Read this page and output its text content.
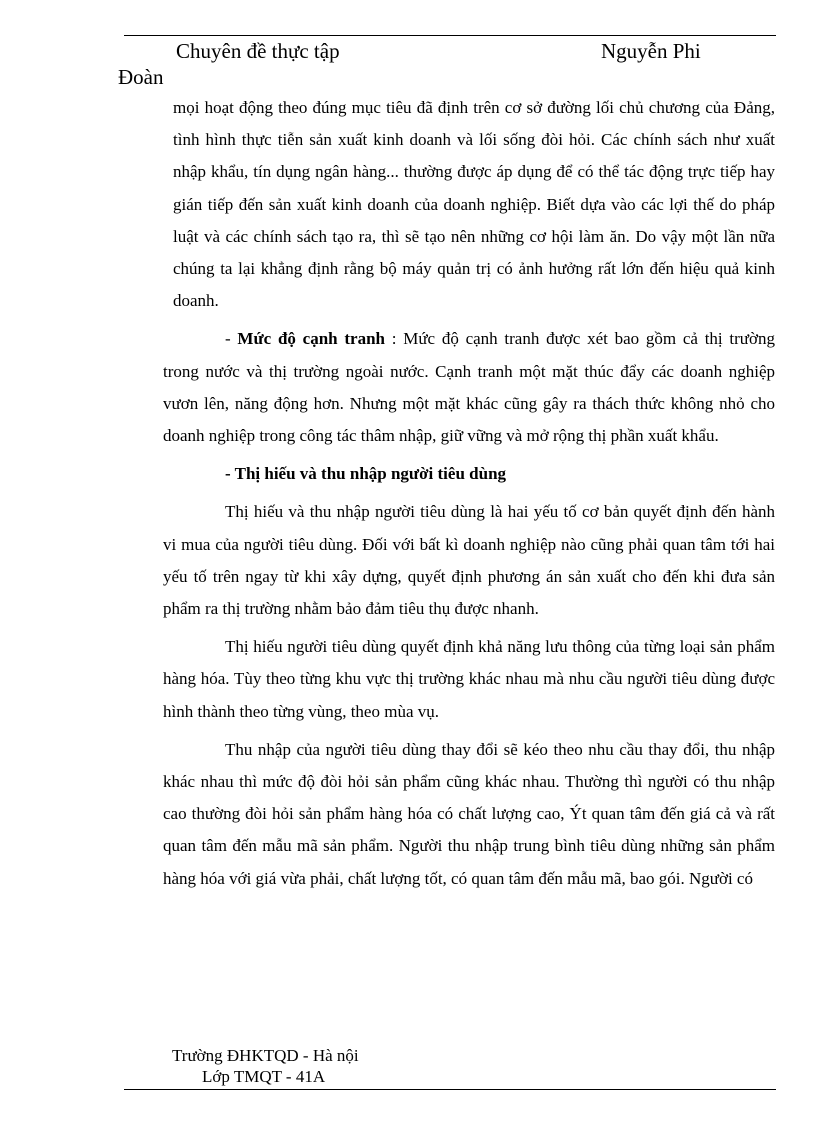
Chuyên đề thực tập	Nguyễn Phi
Đoàn

mọi hoạt động theo đúng mục tiêu đã định trên cơ sở đường lối chủ chương của Đảng, tình hình thực tiễn sản xuất kinh doanh và lối sống đòi hỏi. Các chính sách như xuất nhập khẩu, tín dụng ngân hàng... thường được áp dụng để có thể tác động trực tiếp hay gián tiếp đến sản xuất kinh doanh của doanh nghiệp. Biết dựa vào các lợi thế do pháp luật và các chính sách tạo ra, thì sẽ tạo nên những cơ hội làm ăn. Do vậy một lần nữa chúng ta lại khẳng định rằng bộ máy quản trị có ảnh hưởng rất lớn đến hiệu quả kinh doanh.

- Mức độ cạnh tranh : Mức độ cạnh tranh được xét bao gồm cả thị trường trong nước và thị trường ngoài nước. Cạnh tranh một mặt thúc đẩy các doanh nghiệp vươn lên, năng động hơn. Nhưng một mặt khác cũng gây ra thách thức không nhỏ cho doanh nghiệp trong công tác thâm nhập, giữ vững và mở rộng thị phần xuất khẩu.

- Thị hiếu và thu nhập người tiêu dùng

Thị hiếu và thu nhập người tiêu dùng là hai yếu tố cơ bản quyết định đến hành vi mua của người tiêu dùng. Đối với bất kì doanh nghiệp nào cũng phải quan tâm tới hai yếu tố trên ngay từ khi xây dựng, quyết định phương án sản xuất cho đến khi đưa sản phẩm ra thị trường nhằm bảo đảm tiêu thụ được nhanh.

Thị hiếu người tiêu dùng quyết định khả năng lưu thông của từng loại sản phẩm hàng hóa. Tùy theo từng khu vực thị trường khác nhau mà nhu cầu người tiêu dùng được hình thành theo từng vùng, theo mùa vụ.

Thu nhập của người tiêu dùng thay đổi sẽ kéo theo nhu cầu thay đổi, thu nhập khác nhau thì mức độ đòi hỏi sản phẩm cũng khác nhau. Thường thì người có thu nhập cao thường đòi hỏi sản phẩm hàng hóa có chất lượng cao, Ýt quan tâm đến giá cả và rất quan tâm đến mẫu mã sản phẩm. Người thu nhập trung bình tiêu dùng những sản phẩm hàng hóa với giá vừa phải, chất lượng tốt, có quan tâm đến mẫu mã, bao gói. Người có

Trường ĐHKTQD - Hà nội
Lớp TMQT - 41A
